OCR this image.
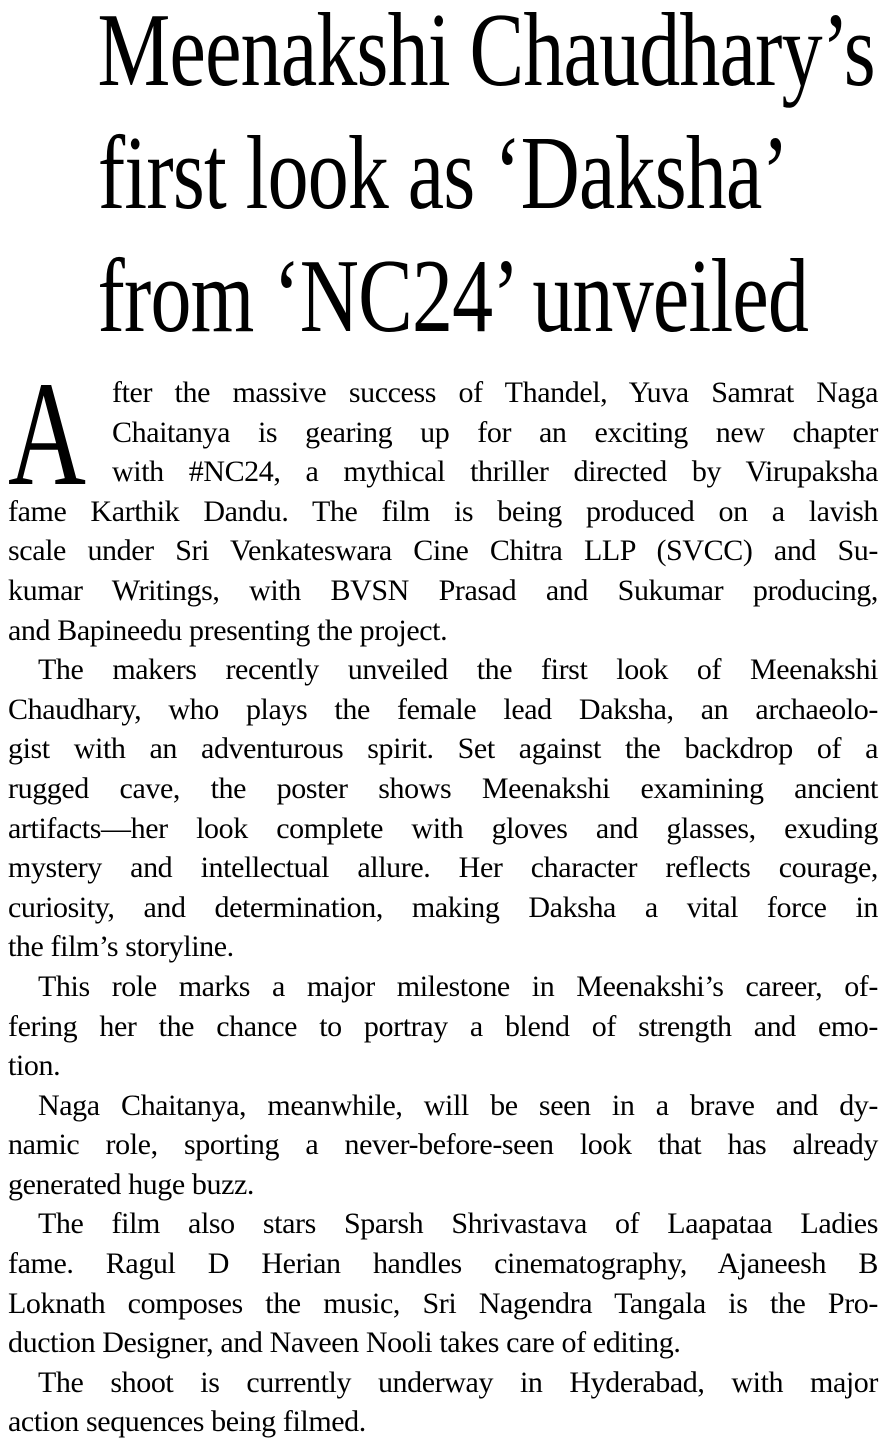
Meenakshi Chaudhary’s
first look as ‘Daksha’
from ‘NC24’ unveiled
A fter the massive success of Thandel, Yuva Samrat Naga
Chaitanya is gearing up for an exciting new chapter
with #NC24, a mythical thriller directed by Virupaksha
fame Karthik Dandu. The film is being produced on a lavish
scale under Sri Venkateswara Cine Chitra LLP (SVCC) and Su-
kumar Writings, with BVSN Prasad and Sukumar producing,
and Bapineedu presenting the project.
The makers recently unveiled the first look of Meenakshi
Chaudhary, who plays the female lead Daksha, an archaeolo-
gist with an adventurous spirit. Set against the backdrop of a
rugged cave, the poster shows Meenakshi examining ancient
artifacts—her look complete with gloves and glasses, exuding
mystery and intellectual allure. Her character reflects courage,
curiosity, and determination, making Daksha a vital force in
the film’s storyline.
This role marks a major milestone in Meenakshi’s career, of-
fering her the chance to portray a blend of strength and emo-
tion.
Naga Chaitanya, meanwhile, will be seen in a brave and dy-
namic role, sporting a never-before-seen look that has already
generated huge buzz.
The film also stars Sparsh Shrivastava of Laapataa Ladies
fame. Ragul D Herian handles cinematography, Ajaneesh B
Loknath composes the music, Sri Nagendra Tangala is the Pro-
duction Designer, and Naveen Nooli takes care of editing.
The shoot is currently underway in Hyderabad, with major
action sequences being filmed.
